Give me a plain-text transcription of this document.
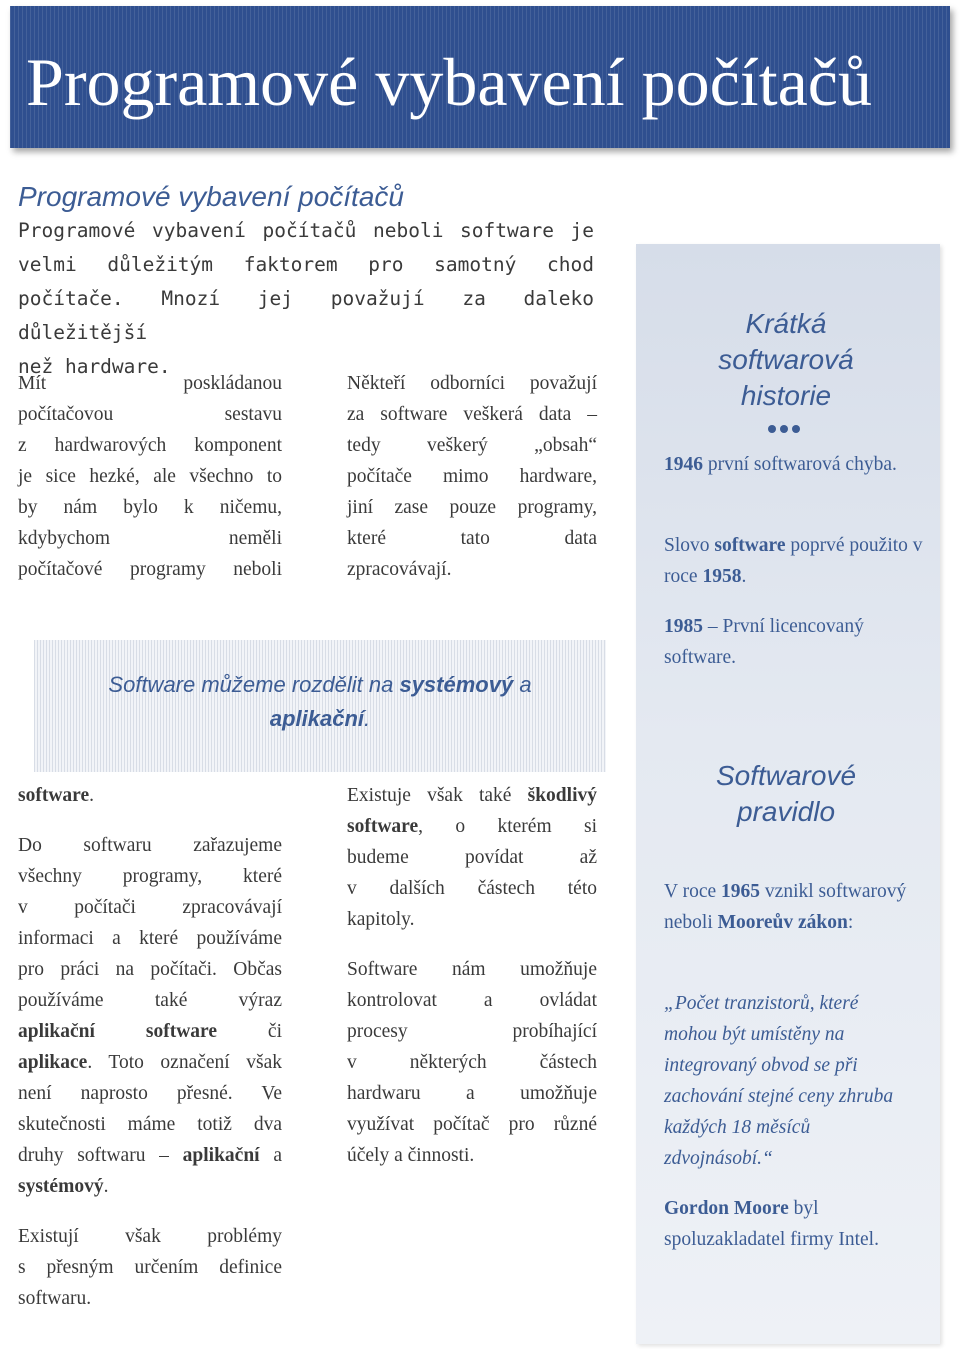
Programové vybavení počítačů
Programové vybavení počítačů
Programové vybavení počítačů neboli software je
velmi důležitým faktorem pro samotný chod
počítače. Mnozí jej považují za daleko důležitější
než hardware.
Mít poskládanou
počítačovou sestavu
z hardwarových komponent
je sice hezké, ale všechno to
by nám bylo k ničemu,
kdybychom neměli
počítačové programy neboli
Někteří odborníci považují
za software veškerá data –
tedy veškerý „obsah“
počítače mimo hardware,
jiní zase pouze programy,
které tato data
zpracovávají.

Software můžeme rozdělit na systémový a
aplikační.

software.
Do softwaru zařazujeme
všechny programy, které
v počítači zpracovávají
informaci a které používáme
pro práci na počítači. Občas
používáme také výraz
aplikační	software	či
aplikace. Toto označení však
není naprosto přesné. Ve
skutečnosti máme totiž dva
druhy softwaru – aplikační a
systémový.
Existují však problémy
s přesným určením definice
softwaru.
Existuje však také škodlivý
software, o kterém si
budeme povídat až
v dalších částech této
kapitoly.
Software nám umožňuje
kontrolovat a ovládat
procesy probíhající
v některých částech
hardwaru a umožňuje
využívat počítač pro různé
účely a činnosti.
Krátká
softwarová
historie

1946 první softwarová chyba.

Slovo software poprvé použito v roce 1958.

1985 – První licencovaný software.

Softwarové
pravidlo

V roce 1965 vznikl softwarový neboli Mooreův zákon:

„Počet tranzistorů, které mohou být umístěny na integrovaný obvod se při zachování stejné ceny zhruba každých 18 měsíců zdvojnásobí.“

Gordon Moore byl spoluzakladatel firmy Intel.
